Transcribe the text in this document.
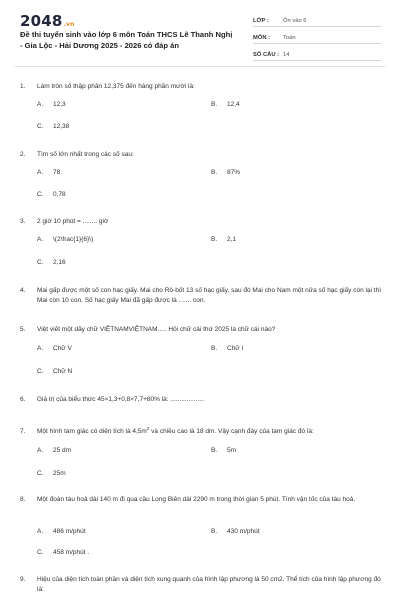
2048.vn
Đề thi tuyển sinh vào lớp 6 môn Toán THCS Lê Thanh Nghị - Gia Lộc - Hải Dương 2025 - 2026 có đáp án
LỚP :	Ôn vào 6
MÔN :	Toán
SỐ CÂU : 14
1.	Làm tròn số thập phân 12,375 đến hàng phần mười là:
A.	12,3	B.	12,4
C.	12,38
2.	Tìm số lớn nhất trong các số sau:
A.	78	B.	87%
C.	0,78
3.	2 giờ 10 phút = ........ giờ
A.	\(2\frac{1}{6}\)	B.	2,1
C.	2,16
4.	Mai gấp được một số con hạc giấy. Mai cho Rô-bốt 13 số hạc giấy, sau đó Mai cho Nam một nửa số hạc giấy còn lại thì Mai còn 10 con. Số hạc giấy Mai đã gấp được là ....... con.
5.	Việt viết một dãy chữ VIỆTNAMVIỆTNAM..... Hỏi chữ cái thứ 2025 là chữ cái nào?
A.	Chữ V	B.	Chữ I
C.	Chữ N
6.	Giá trị của biểu thức 45×1,3+0,8×7,7+80% là: ...................
7.	Một hình tam giác có diện tích là $4,5m^2$ và chiều cao là 18 dm. Vậy cạnh đáy của tam giác đó là:
A.	25 dm	B.	5m
C.	25m
8.	Một đoàn tàu hoả dài 140 m đi qua cầu Long Biên dài 2290 m trong thời gian 5 phút. Tính vận tốc của tàu hoả.
A.	486 m/phút	B.	430 m/phút
C.	458 m/phút .
9.	Hiệu của diện tích toàn phần và diện tích xung quanh của hình lập phương là 50 cm2. Thể tích của hình lập phương đó là:
